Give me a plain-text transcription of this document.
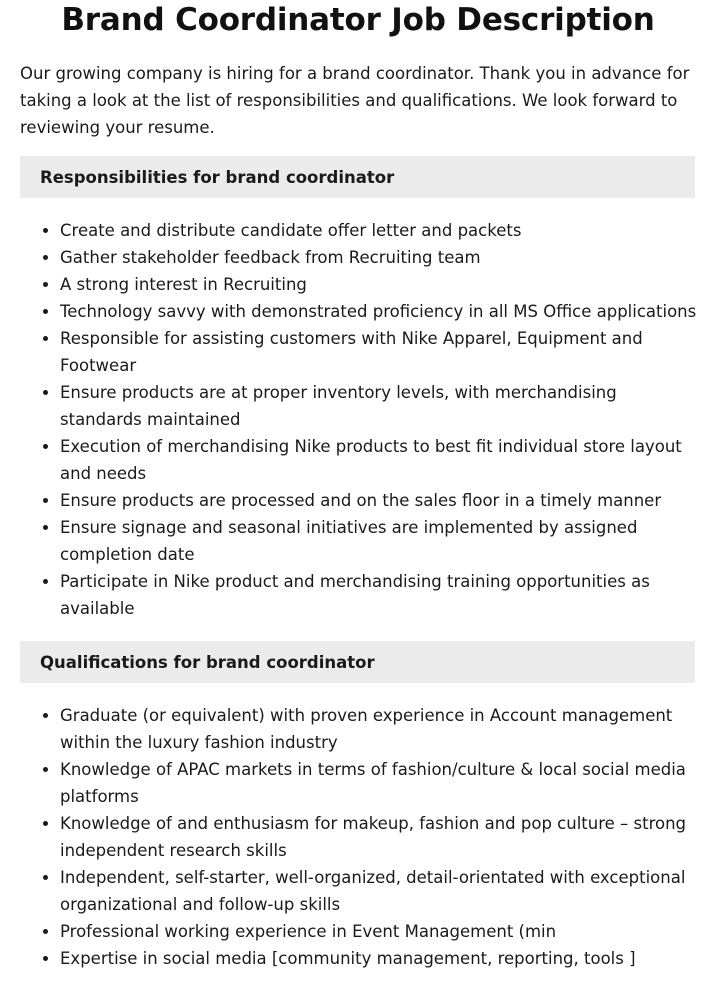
Brand Coordinator Job Description

Our growing company is hiring for a brand coordinator. Thank you in advance for taking a look at the list of responsibilities and qualifications. We look forward to reviewing your resume.

Responsibilities for brand coordinator
• Create and distribute candidate offer letter and packets
• Gather stakeholder feedback from Recruiting team
• A strong interest in Recruiting
• Technology savvy with demonstrated proficiency in all MS Office applications
• Responsible for assisting customers with Nike Apparel, Equipment and Footwear
• Ensure products are at proper inventory levels, with merchandising standards maintained
• Execution of merchandising Nike products to best fit individual store layout and needs
• Ensure products are processed and on the sales floor in a timely manner
• Ensure signage and seasonal initiatives are implemented by assigned completion date
• Participate in Nike product and merchandising training opportunities as available
Qualifications for brand coordinator
• Graduate (or equivalent) with proven experience in Account management within the luxury fashion industry
• Knowledge of APAC markets in terms of fashion/culture & local social media platforms
• Knowledge of and enthusiasm for makeup, fashion and pop culture – strong independent research skills
• Independent, self-starter, well-organized, detail-orientated with exceptional organizational and follow-up skills
• Professional working experience in Event Management (min
• Expertise in social media [community management, reporting, tools ]
